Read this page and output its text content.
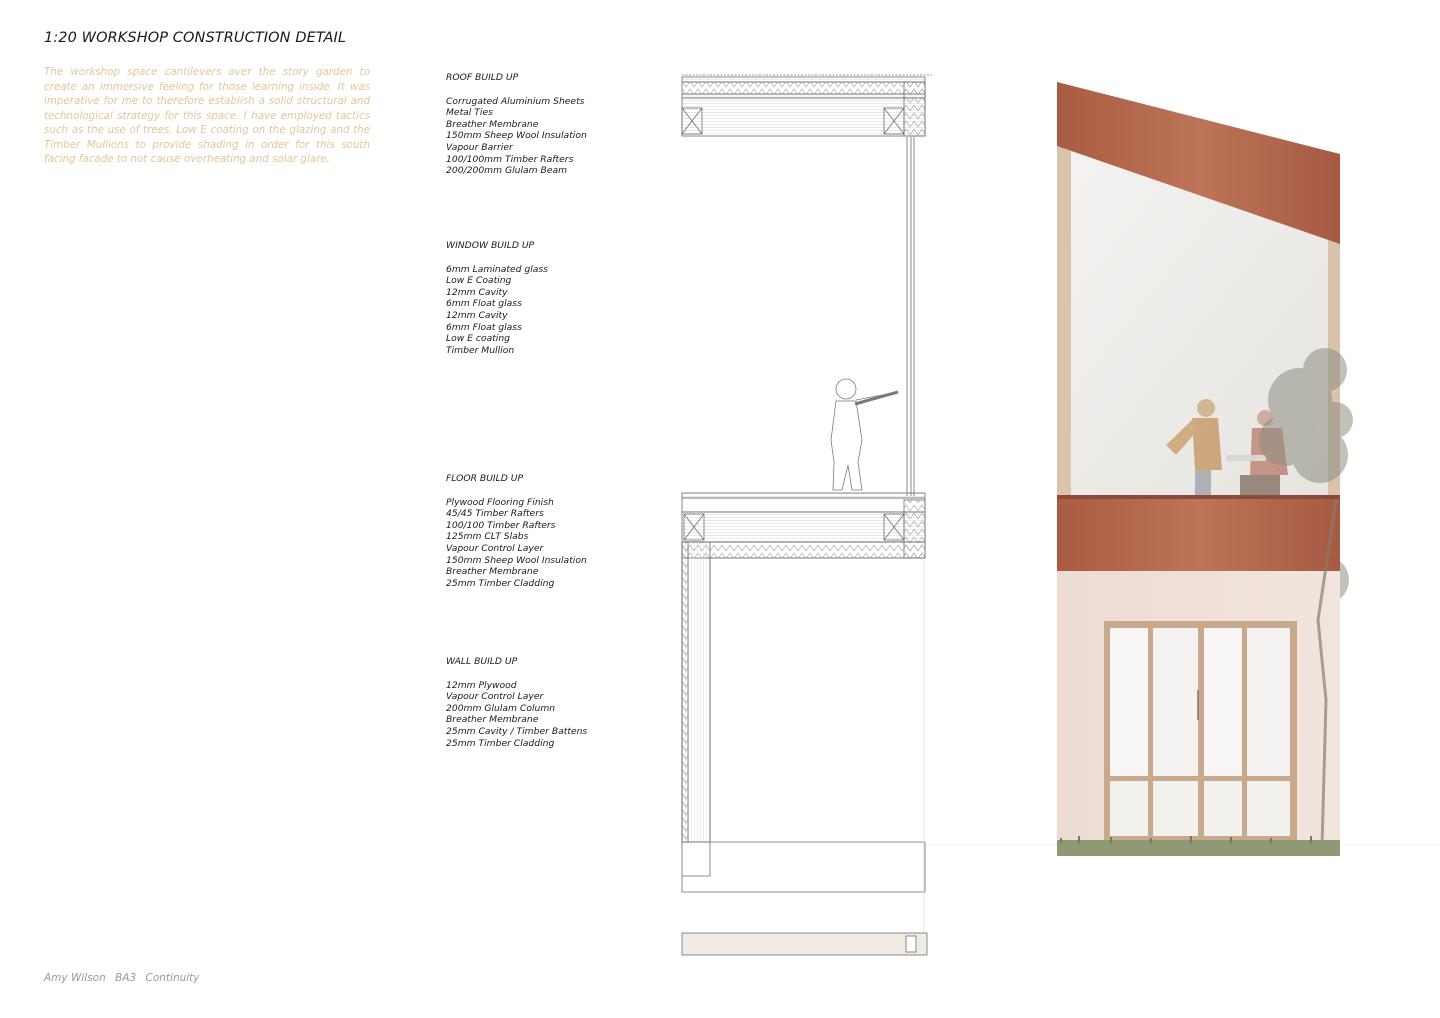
1:20 WORKSHOP CONSTRUCTION DETAIL
The workshop space cantilevers over the story garden to create an immersive feeling for those learning inside. It was imperative for me to therefore establish a solid structural and technological strategy for this space. I have employed tactics such as the use of trees, Low E coating on the glazing and the Timber Mullions to provide shading in order for this south facing facade to not cause overheating and solar glare.
ROOF BUILD UP
Corrugated Aluminium Sheets
Metal Ties
Breather Membrane
150mm Sheep Wool Insulation
Vapour Barrier
100/100mm Timber Rafters
200/200mm Glulam Beam
WINDOW BUILD UP
6mm Laminated glass
Low E Coating
12mm Cavity
6mm Float glass
12mm Cavity
6mm Float glass
Low E coating
Timber Mullion
FLOOR BUILD UP
Plywood Flooring Finish
45/45 Timber Rafters
100/100 Timber Rafters
125mm CLT Slabs
Vapour Control Layer
150mm Sheep Wool Insulation
Breather Membrane
25mm Timber Cladding
WALL BUILD UP
12mm Plywood
Vapour Control Layer
200mm Glulam Column
Breather Membrane
25mm Cavity / Timber Battens
25mm Timber Cladding
Amy Wilson BA3 Continuity
